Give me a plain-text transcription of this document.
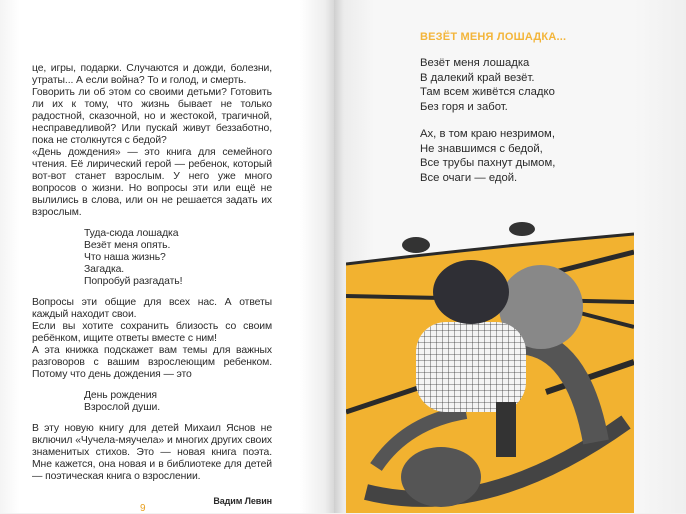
це, игры, подарки. Случаются и дожди, болезни, утраты... А если война? То и голод, и смерть.

Говорить ли об этом со своими детьми? Готовить ли их к тому, что жизнь бывает не только радостной, сказочной, но и жестокой, трагичной, несправедливой? Или пускай живут беззаботно, пока не столкнутся с бедой?

«День дождения» — это книга для семейного чтения. Её лирический герой — ребенок, который вот-вот станет взрослым. У него уже много вопросов о жизни. Но вопросы эти или ещё не вылились в слова, или он не решается задать их взрослым.

Туда-сюда лошадка

Везёт меня опять.

Что наша жизнь?

Загадка.

Попробуй разгадать!

Вопросы эти общие для всех нас. А ответы каждый находит свои.

Если вы хотите сохранить близость со своим ребёнком, ищите ответы вместе с ним!

А эта книжка подскажет вам темы для важных разговоров с вашим взрослеющим ребенком. Потому что день дождения — это

День рождения

Взрослой души.

В эту новую книгу для детей Михаил Яснов не включил «Чучела-мяучела» и многих других своих знаменитых стихов. Это — новая книга поэта. Мне кажется, она новая и в библиотеке для детей — поэтическая книга о взрослении.

Вадим Левин
9
ВЕЗЁТ МЕНЯ ЛОШАДКА...

Везёт меня лошадка

В далекий край везёт.

Там всем живётся сладко

Без горя и забот.

Ах, в том краю незримом,

Не знавшимся с бедой,

Все трубы пахнут дымом,

Все очаги — едой.
